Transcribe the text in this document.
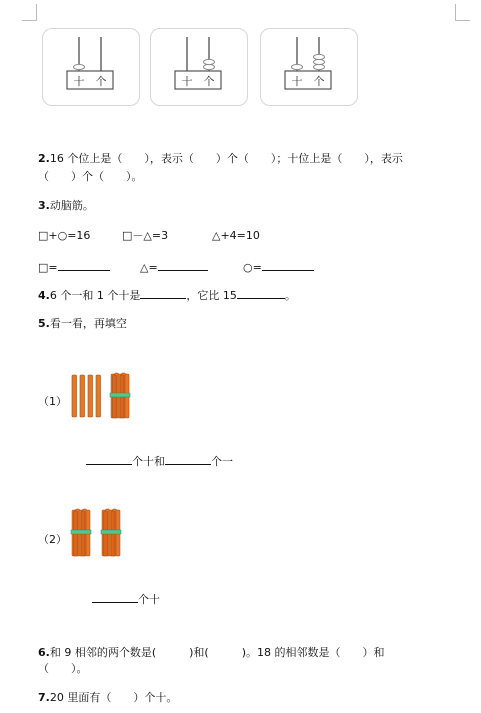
十 个	十 个	十 个
2.16 个位上是（　　），表示（　　）个（　　）；十位上是（　　），表示
（　　）个（　　）。
3.动脑筋。
□+○=16	□－△=3	△+4=10
□=	△=	○=
4.6 个一和 1 个十是	，它比 15	。
5.看一看，再填空
（1）
个十和	个一
（2）
个十
6.和 9 相邻的两个数是(　　　)和(　　　)。18 的相邻数是（　　）和
（　　）。
7.20 里面有（　　）个十。
